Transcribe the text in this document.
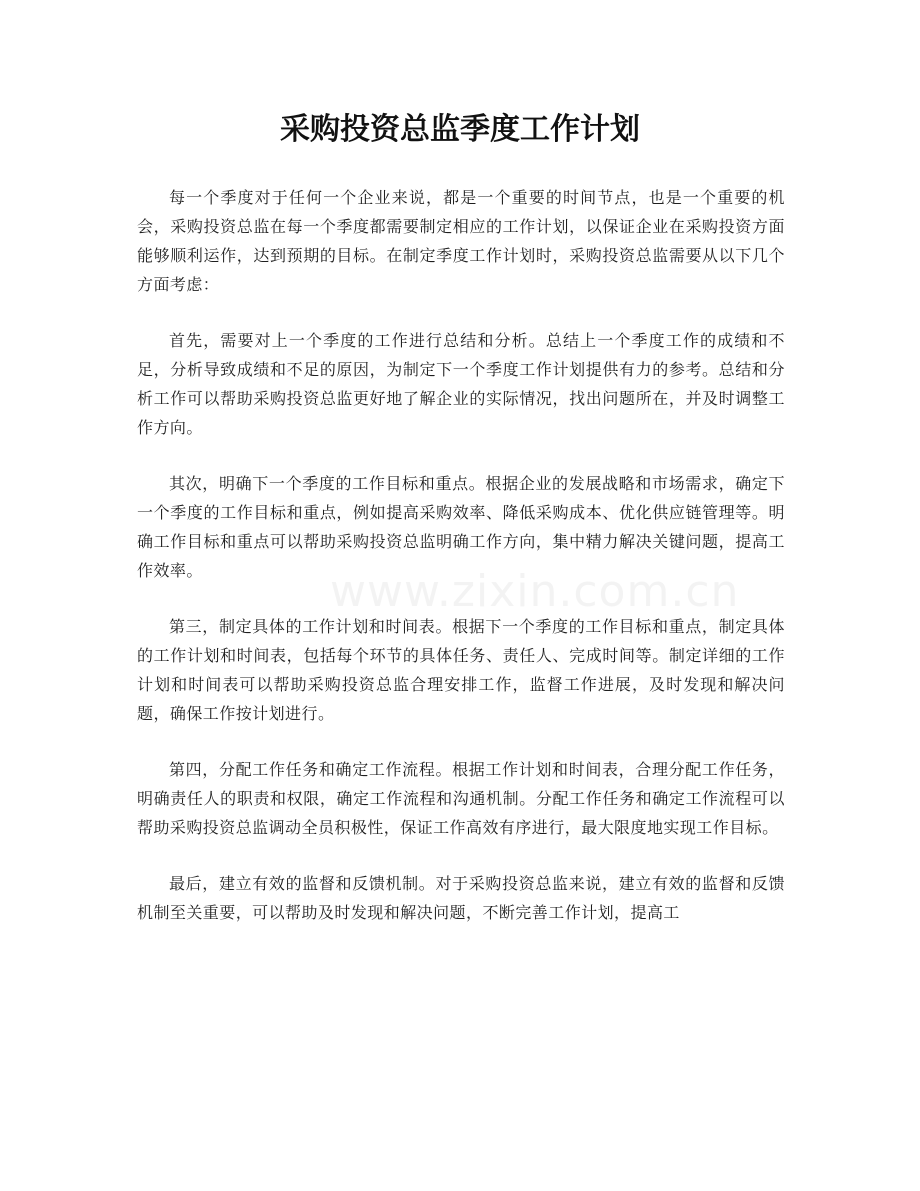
采购投资总监季度工作计划

每一个季度对于任何一个企业来说，都是一个重要的时间节点，也是一个重要的机会，采购投资总监在每一个季度都需要制定相应的工作计划，以保证企业在采购投资方面能够顺利运作，达到预期的目标。在制定季度工作计划时，采购投资总监需要从以下几个方面考虑：

首先，需要对上一个季度的工作进行总结和分析。总结上一个季度工作的成绩和不足，分析导致成绩和不足的原因，为制定下一个季度工作计划提供有力的参考。总结和分析工作可以帮助采购投资总监更好地了解企业的实际情况，找出问题所在，并及时调整工作方向。

其次，明确下一个季度的工作目标和重点。根据企业的发展战略和市场需求，确定下一个季度的工作目标和重点，例如提高采购效率、降低采购成本、优化供应链管理等。明确工作目标和重点可以帮助采购投资总监明确工作方向，集中精力解决关键问题，提高工作效率。

第三，制定具体的工作计划和时间表。根据下一个季度的工作目标和重点，制定具体的工作计划和时间表，包括每个环节的具体任务、责任人、完成时间等。制定详细的工作计划和时间表可以帮助采购投资总监合理安排工作，监督工作进展，及时发现和解决问题，确保工作按计划进行。

第四，分配工作任务和确定工作流程。根据工作计划和时间表，合理分配工作任务，明确责任人的职责和权限，确定工作流程和沟通机制。分配工作任务和确定工作流程可以帮助采购投资总监调动全员积极性，保证工作高效有序进行，最大限度地实现工作目标。

最后，建立有效的监督和反馈机制。对于采购投资总监来说，建立有效的监督和反馈机制至关重要，可以帮助及时发现和解决问题，不断完善工作计划，提高工

www.zixin.com.cn
